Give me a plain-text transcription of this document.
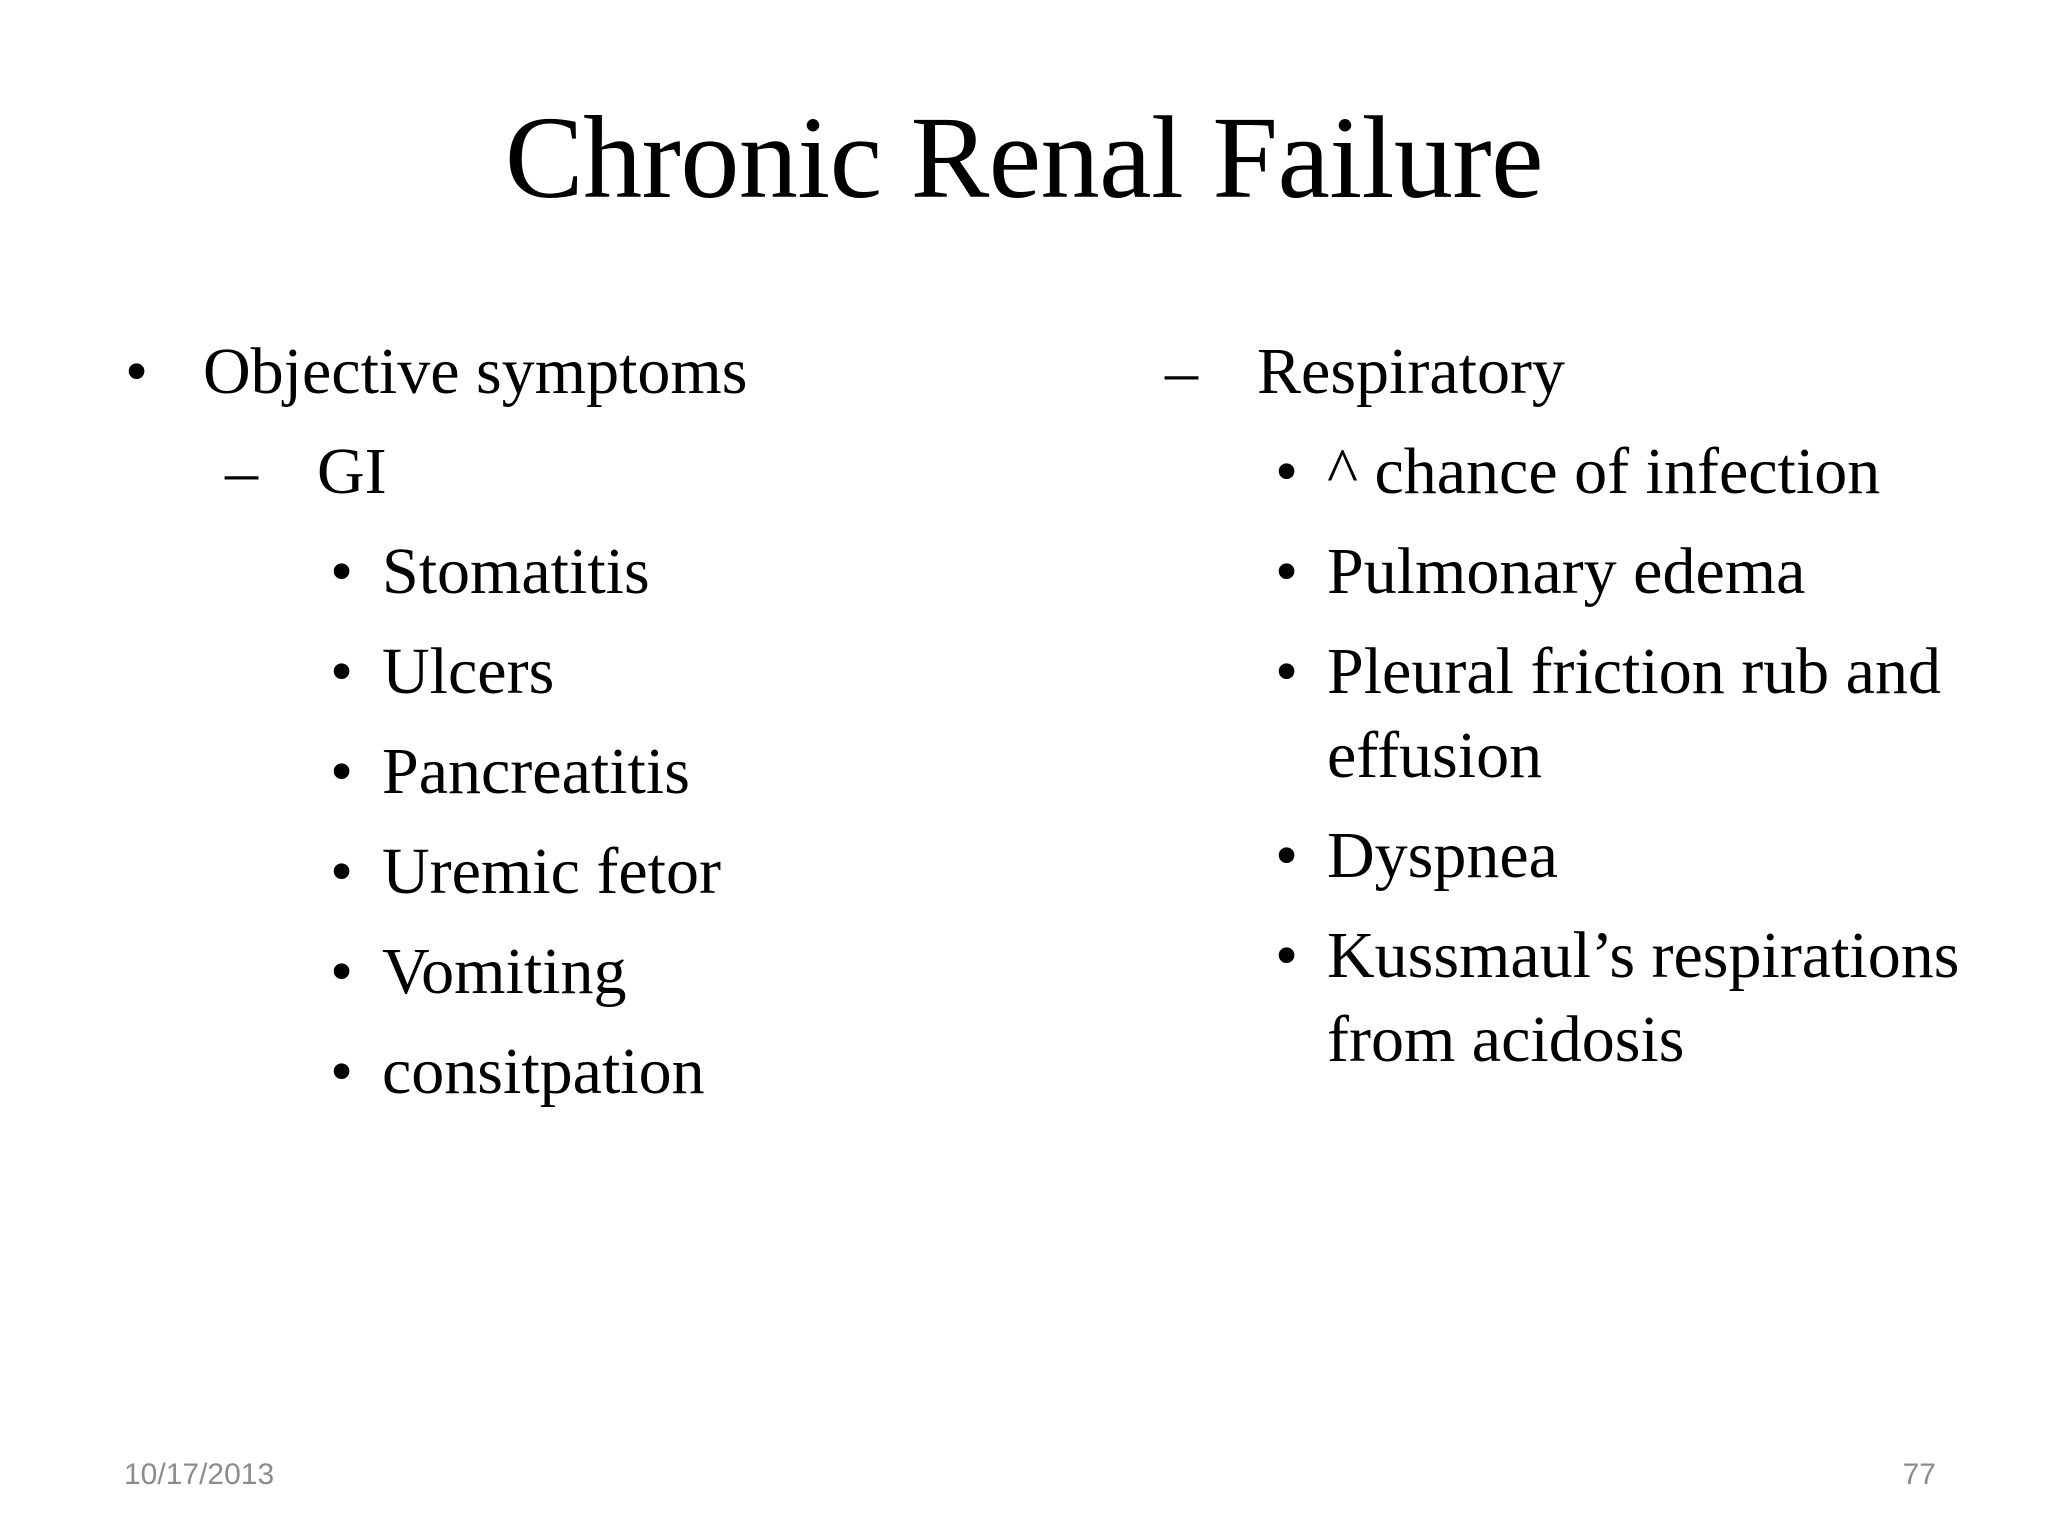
Chronic Renal Failure
• Objective symptoms
– GI
• Stomatitis
• Ulcers
• Pancreatitis
• Uremic fetor
• Vomiting
• consitpation
– Respiratory
• ^ chance of infection
• Pulmonary edema
• Pleural friction rub and effusion
• Dyspnea
• Kussmaul’s respirations from acidosis
10/17/2013	77
